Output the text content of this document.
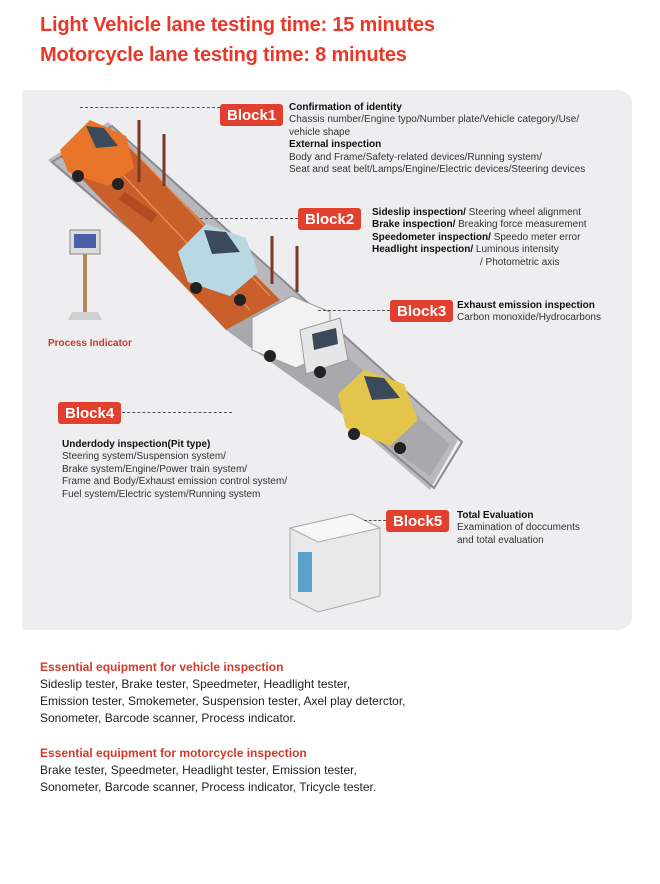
Light Vehicle lane testing time: 15 minutes
Motorcycle lane testing time: 8 minutes
Block1	Confirmation of identity
Chassis number/Engine typo/Number plate/Vehicle category/Use/
vehicle shape
External inspection
Body and Frame/Safety-related devices/Running system/
Seat and seat belt/Lamps/Engine/Electric devices/Steering devices
Block2	Sideslip inspection/ Steering wheel alignment
Brake inspection/ Breaking force measurement
Speedometer inspection/ Speedo meter error
Headlight inspection/ Luminous intensity
/ Photometric axis
Block3	Exhaust emission inspection
Carbon monoxide/Hydrocarbons
Process Indicator
Block4
Underdody inspection(Pit type)
Steering system/Suspension system/
Brake system/Engine/Power train system/
Frame and Body/Exhaust emission control system/
Fuel system/Electric system/Running system
Block5	Total Evaluation
Examination of doccuments
and total evaluation
Essential equipment for vehicle inspection
Sideslip tester, Brake tester, Speedmeter, Headlight tester,
Emission tester, Smokemeter, Suspension tester, Axel play deterctor,
Sonometer, Barcode scanner, Process indicator.
Essential equipment for motorcycle inspection
Brake tester, Speedmeter, Headlight tester, Emission tester,
Sonometer, Barcode scanner, Process indicator, Tricycle tester.
